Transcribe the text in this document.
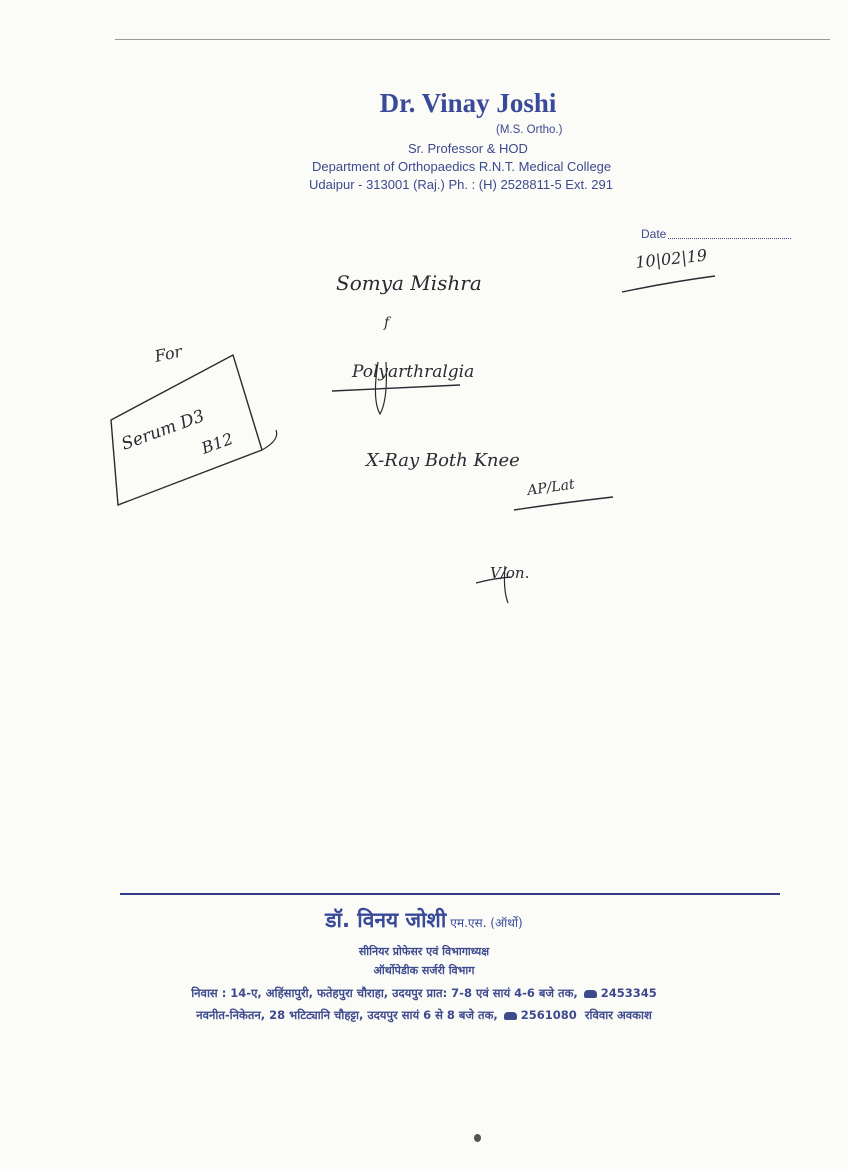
Dr. Vinay Joshi
(M.S. Ortho.)
Sr. Professor & HOD
Department of Orthopaedics R.N.T. Medical College
Udaipur - 313001 (Raj.) Ph. : (H) 2528811-5 Ext. 291
Date
10|02|19
Somya Mishra
f
Polyarthralgia
X-Ray Both Knee
AP/Lat
For
Serum D3
B12
V/on.
डॉ. विनय जोशी एम.एस. (ऑर्थो)
सीनियर प्रोफेसर एवं विभागाध्यक्ष
ऑर्थोपेडीक सर्जरी विभाग
निवास : 14-ए, अहिंसापुरी, फतेहपुरा चौराहा, उदयपुर प्रात: 7-8 एवं सायं 4-6 बजे तक, 2453345
नवनीत-निकेतन, 28 भटि‌ट्यानि चौहट्टा, उदयपुर सायं 6 से 8 बजे तक, 2561080 रविवार अवकाश
